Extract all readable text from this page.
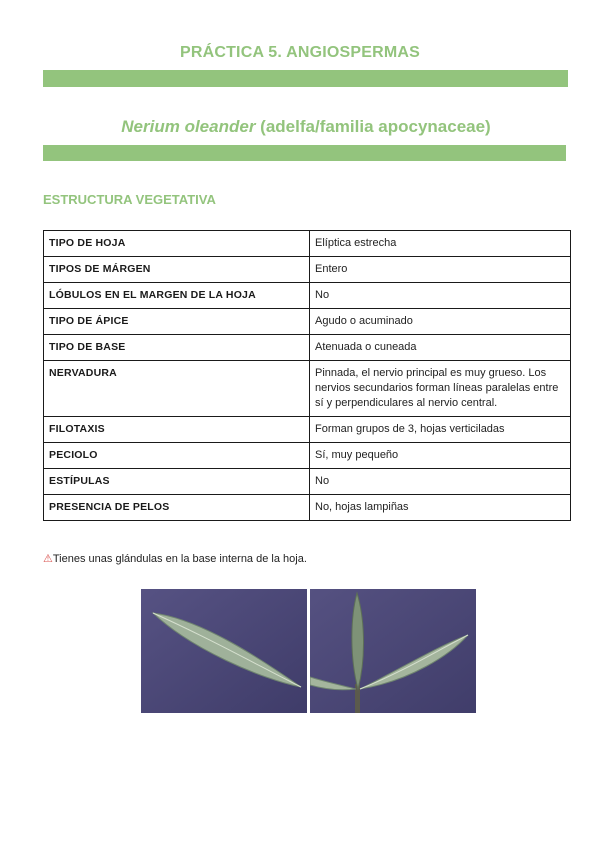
PRÁCTICA 5. ANGIOSPERMAS
Nerium oleander (adelfa/familia apocynaceae)
ESTRUCTURA VEGETATIVA
TIPO DE HOJA	Elíptica estrecha
TIPOS DE MÁRGEN	Entero
LÓBULOS EN EL MARGEN DE LA HOJA	No
TIPO DE ÁPICE	Agudo o acuminado
TIPO DE BASE	Atenuada o cuneada
NERVADURA	Pinnada, el nervio principal es muy grueso. Los nervios secundarios forman líneas paralelas entre sí y perpendiculares al nervio central.
FILOTAXIS	Forman grupos de 3, hojas verticiladas
PECIOLO	Sí, muy pequeño
ESTÍPULAS	No
PRESENCIA DE PELOS	No, hojas lampiñas
⚠Tienes unas glándulas en la base interna de la hoja.
